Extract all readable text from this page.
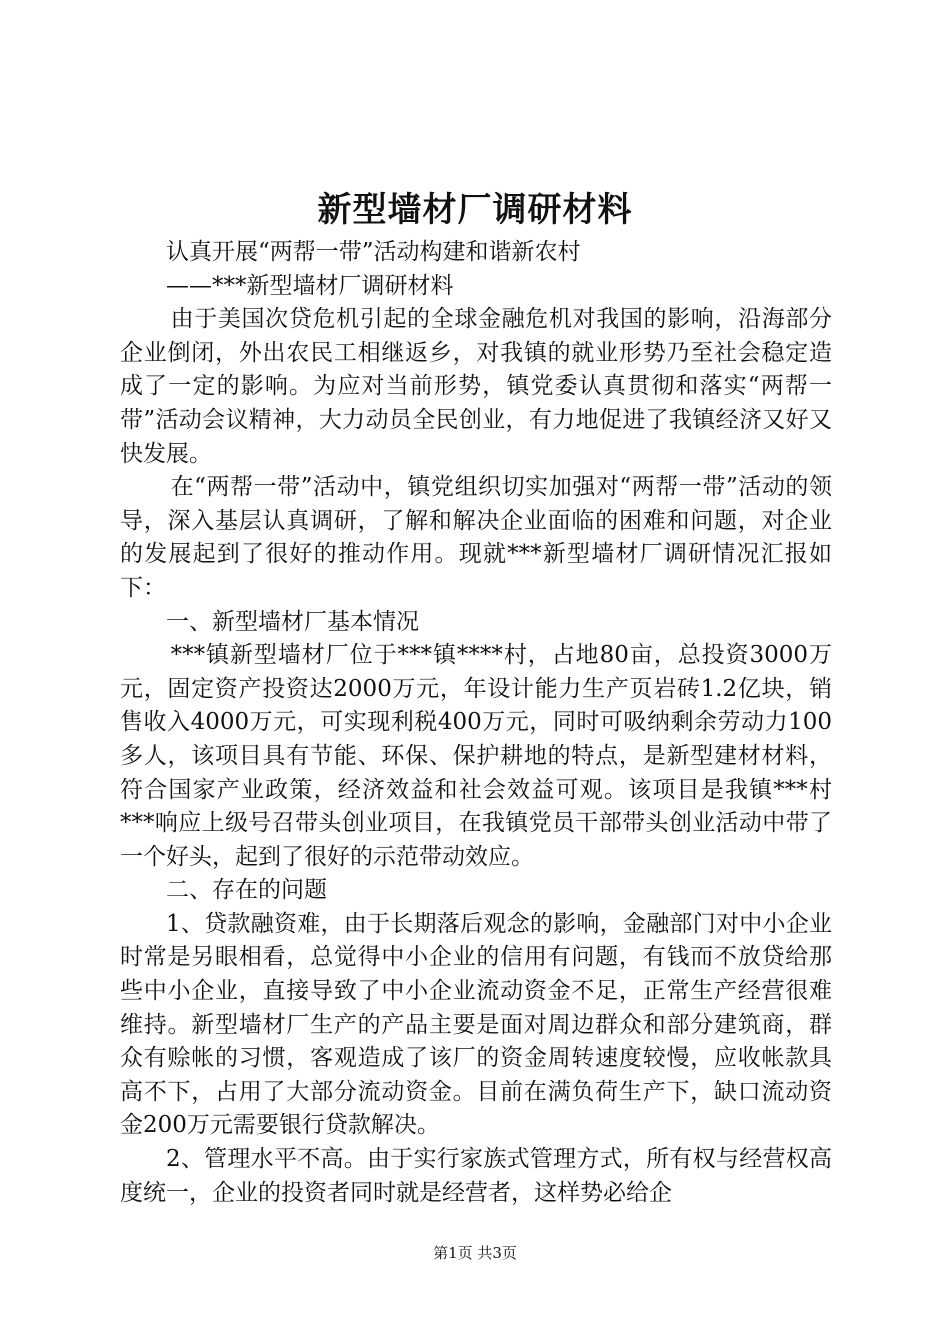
新型墙材厂调研材料

认真开展“两帮一带”活动构建和谐新农村

——***新型墙材厂调研材料

由于美国次贷危机引起的全球金融危机对我国的影响，沿海部分企业倒闭，外出农民工相继返乡，对我镇的就业形势乃至社会稳定造成了一定的影响。为应对当前形势，镇党委认真贯彻和落实“两帮一带”活动会议精神，大力动员全民创业，有力地促进了我镇经济又好又快发展。

在“两帮一带”活动中，镇党组织切实加强对“两帮一带”活动的领导，深入基层认真调研，了解和解决企业面临的困难和问题，对企业的发展起到了很好的推动作用。现就***新型墙材厂调研情况汇报如下：

一、新型墙材厂基本情况

***镇新型墙材厂位于***镇****村，占地80亩，总投资3000万元，固定资产投资达2000万元，年设计能力生产页岩砖1.2亿块，销售收入4000万元，可实现利税400万元，同时可吸纳剩余劳动力100多人，该项目具有节能、环保、保护耕地的特点，是新型建材材料，符合国家产业政策，经济效益和社会效益可观。该项目是我镇***村***响应上级号召带头创业项目，在我镇党员干部带头创业活动中带了一个好头，起到了很好的示范带动效应。

二、存在的问题

1、贷款融资难，由于长期落后观念的影响，金融部门对中小企业时常是另眼相看，总觉得中小企业的信用有问题，有钱而不放贷给那些中小企业，直接导致了中小企业流动资金不足，正常生产经营很难维持。新型墙材厂生产的产品主要是面对周边群众和部分建筑商，群众有赊帐的习惯，客观造成了该厂的资金周转速度较慢，应收帐款具高不下，占用了大部分流动资金。目前在满负荷生产下，缺口流动资金200万元需要银行贷款解决。

2、管理水平不高。由于实行家族式管理方式，所有权与经营权高度统一，企业的投资者同时就是经营者，这样势必给企

第1页 共3页
